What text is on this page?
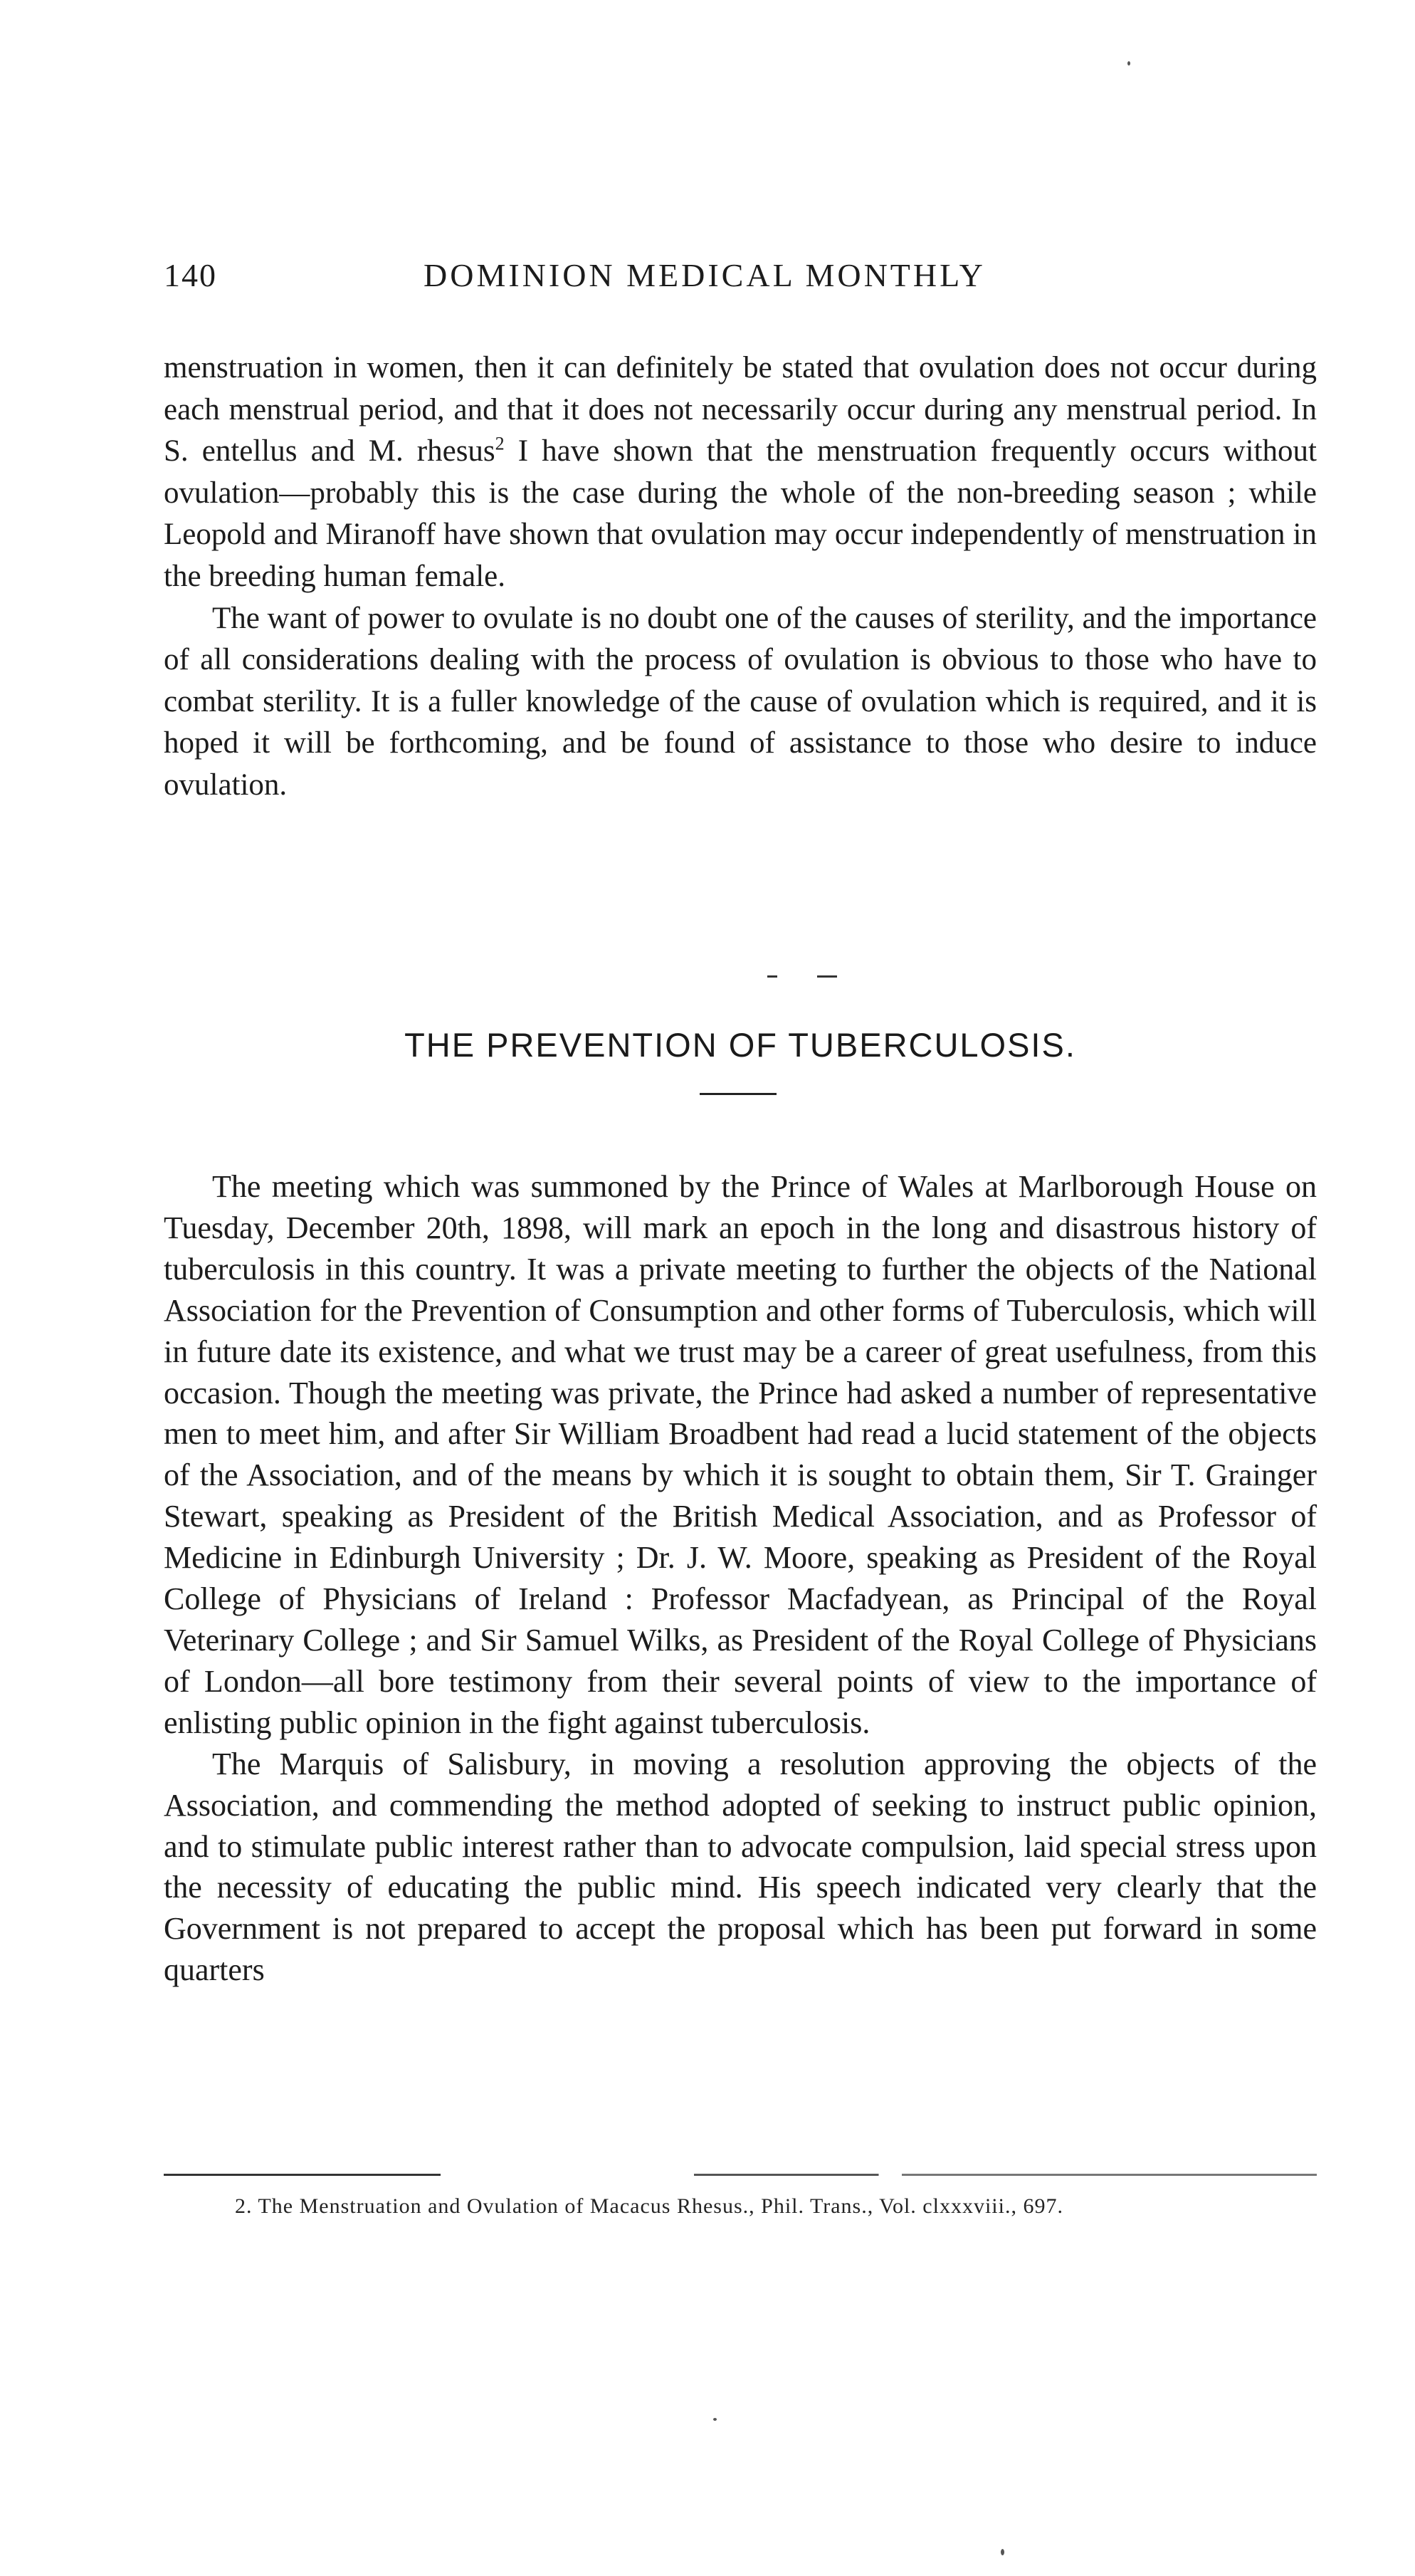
140	DOMINION MEDICAL MONTHLY

menstruation in women, then it can definitely be stated that ovulation does not occur during each menstrual period, and that it does not necessarily occur during any menstrual period. In S. entellus and M. rhesus$^2$ I have shown that the menstruation frequently occurs without ovulation—probably this is the case during the whole of the non-breeding season ; while Leopold and Miranoff have shown that ovulation may occur independently of menstruation in the breeding human female.

The want of power to ovulate is no doubt one of the causes of sterility, and the importance of all considerations dealing with the process of ovulation is obvious to those who have to combat sterility. It is a fuller knowledge of the cause of ovulation which is required, and it is hoped it will be forthcoming, and be found of assistance to those who desire to induce ovulation.

THE PREVENTION OF TUBERCULOSIS.

The meeting which was summoned by the Prince of Wales at Marlborough House on Tuesday, December 20th, 1898, will mark an epoch in the long and disastrous history of tuberculosis in this country. It was a private meeting to further the objects of the National Association for the Prevention of Consumption and other forms of Tuberculosis, which will in future date its existence, and what we trust may be a career of great usefulness, from this occasion. Though the meeting was private, the Prince had asked a number of representative men to meet him, and after Sir William Broadbent had read a lucid statement of the objects of the Association, and of the means by which it is sought to obtain them, Sir T. Grainger Stewart, speaking as President of the British Medical Association, and as Professor of Medicine in Edinburgh University ; Dr. J. W. Moore, speaking as President of the Royal College of Physicians of Ireland : Professor Macfadyean, as Principal of the Royal Veterinary College ; and Sir Samuel Wilks, as President of the Royal College of Physicians of London—all bore testimony from their several points of view to the importance of enlisting public opinion in the fight against tuberculosis.

The Marquis of Salisbury, in moving a resolution approving the objects of the Association, and commending the method adopted of seeking to instruct public opinion, and to stimulate public interest rather than to advocate compulsion, laid special stress upon the necessity of educating the public mind. His speech indicated very clearly that the Government is not prepared to accept the proposal which has been put forward in some quarters

2. The Menstruation and Ovulation of Macacus Rhesus., Phil. Trans., Vol. clxxxviii., 697.
